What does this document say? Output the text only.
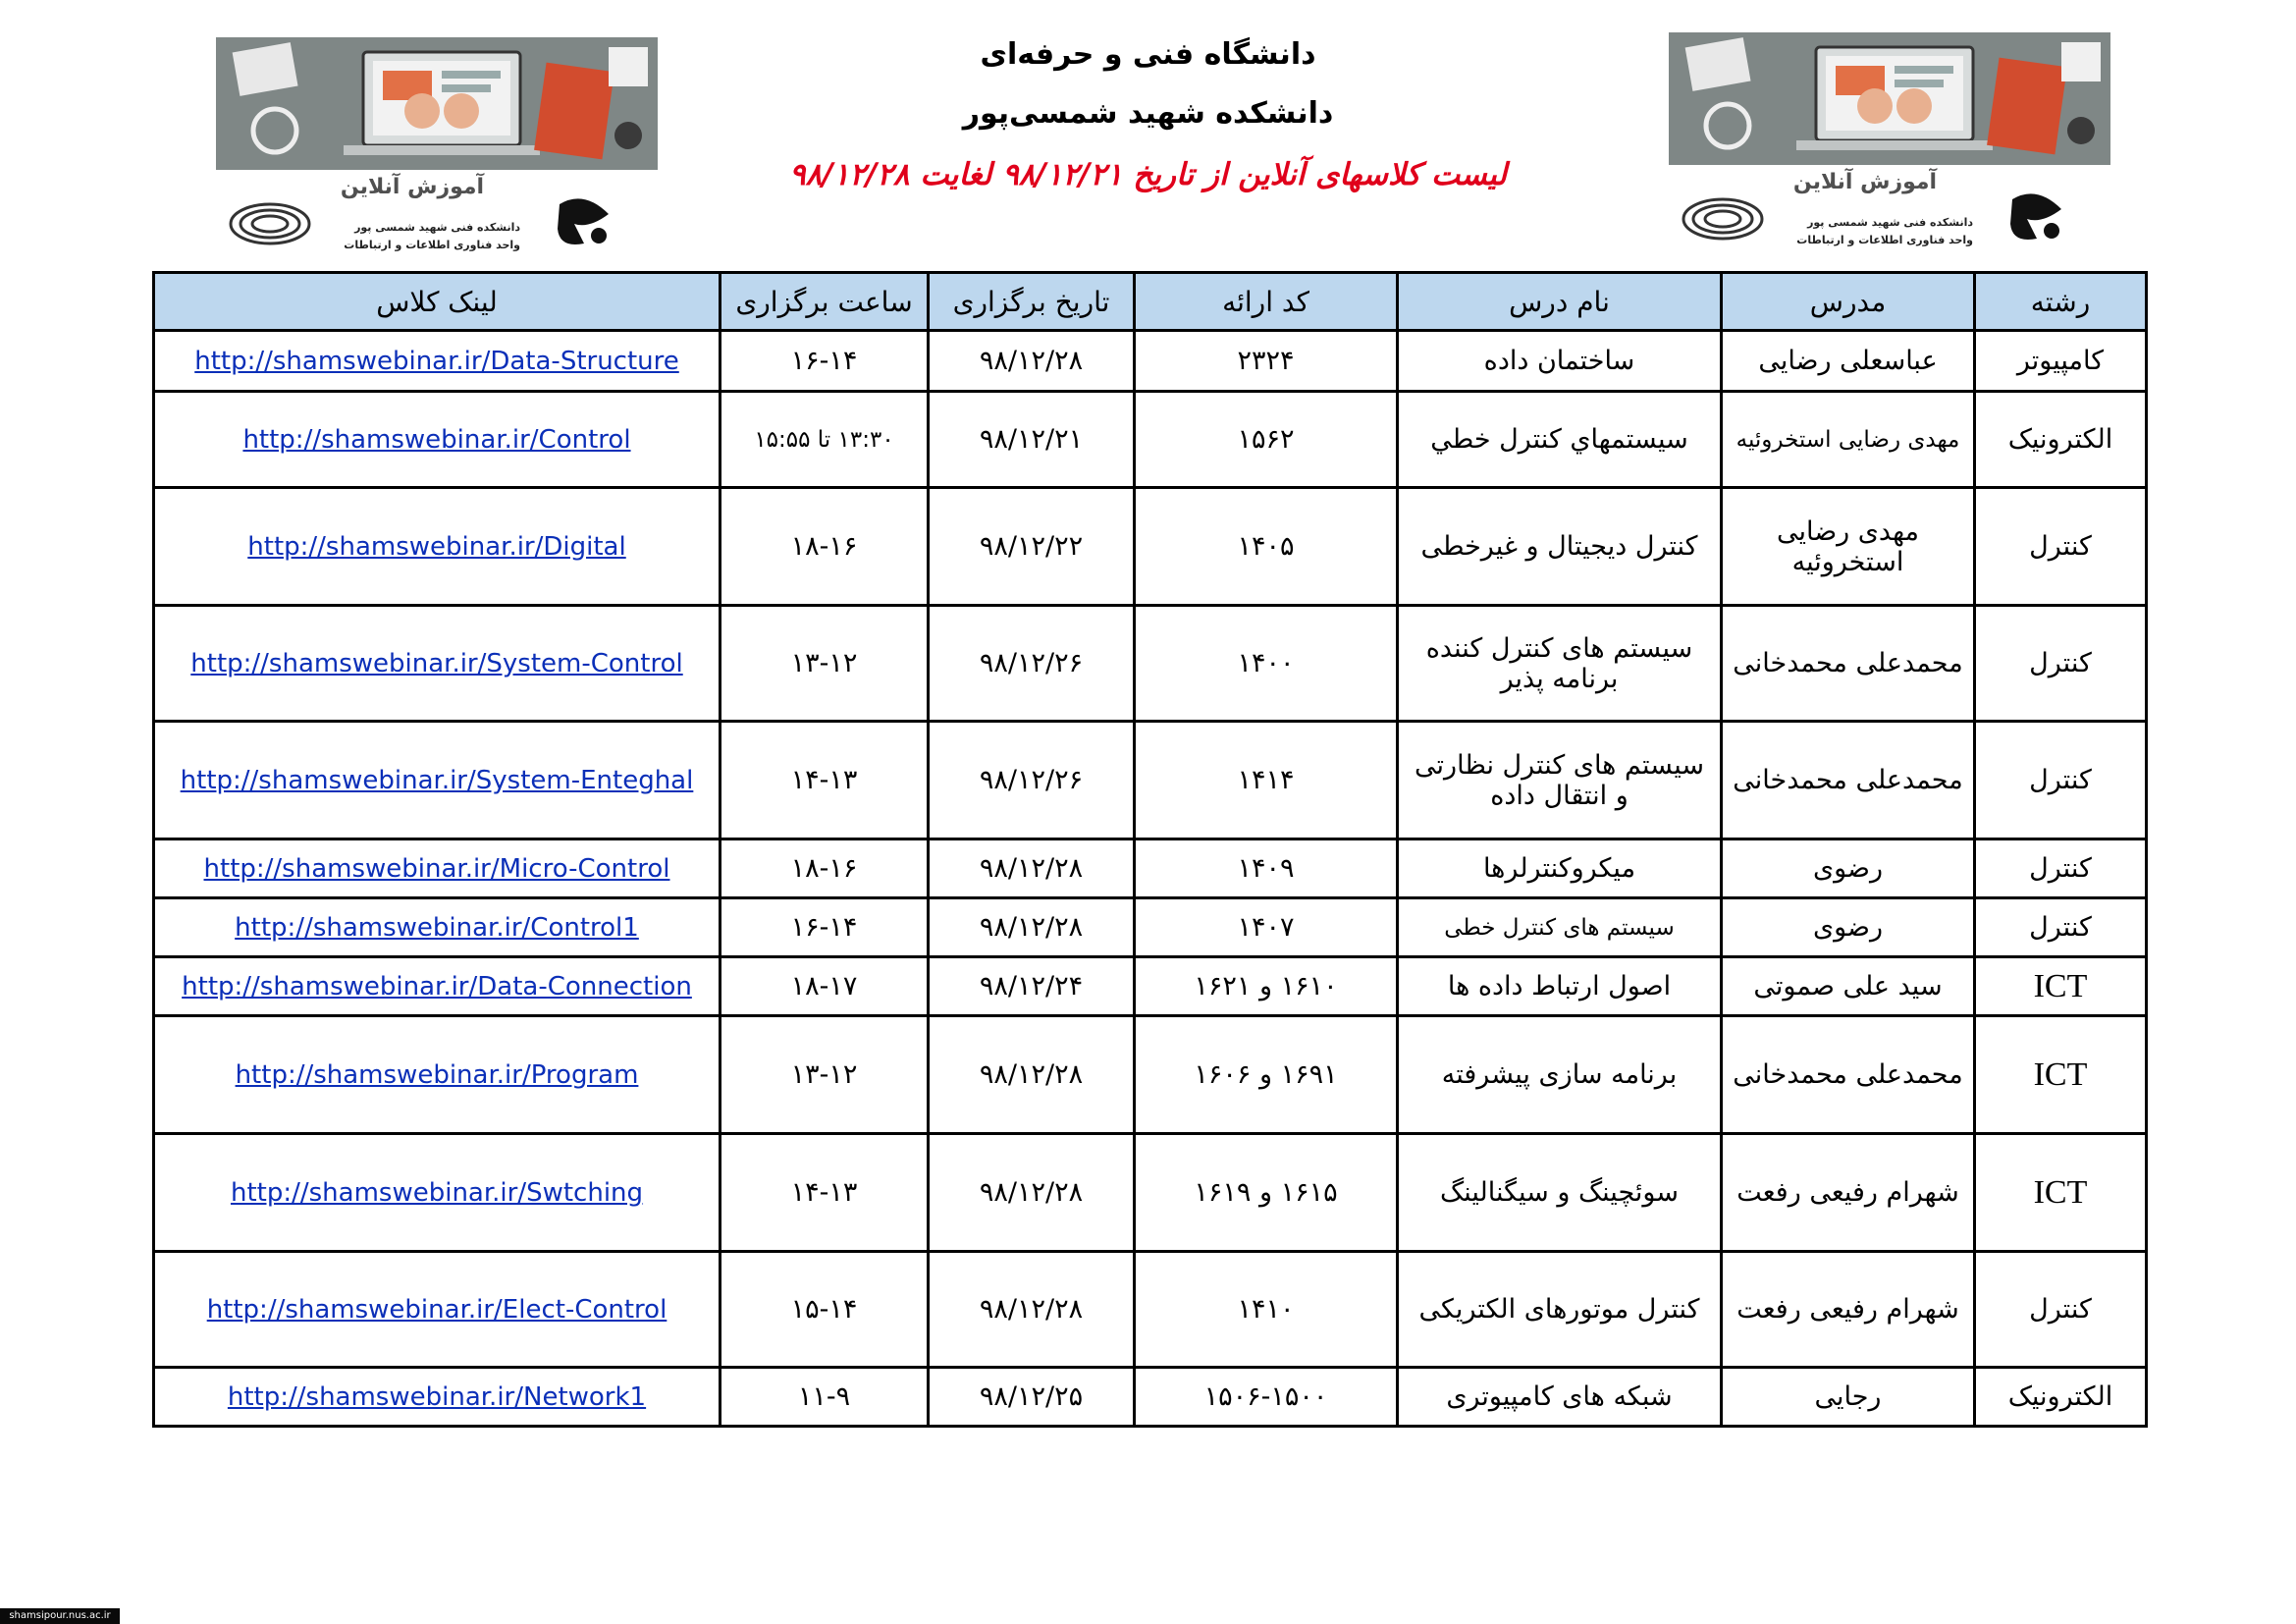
دانشگاه فنی و حرفه‌ای
دانشکده شهید شمسی‌پور
لیست کلاسهای آنلاین از تاریخ ۹۸/۱۲/۲۱ لغایت ۹۸/۱۲/۲۸
آموزش آنلاین
دانشکده فنی شهید شمسی پور
واحد فناوری اطلاعات و ارتباطات
آموزش آنلاین
دانشکده فنی شهید شمسی پور
واحد فناوری اطلاعات و ارتباطات
رشته	مدرس	نام درس	کد ارائه	تاریخ برگزاری	ساعت برگزاری	لینک کلاس
کامپیوتر	عباسعلی رضایی	ساختمان داده	۲۳۲۴	۹۸/۱۲/۲۸	۱۶-۱۴	http://shamswebinar.ir/Data-Structure
الکترونیک	مهدی رضایی استخروئیه	سيستمهاي كنترل خطي	۱۵۶۲	۹۸/۱۲/۲۱	۱۳:۳۰ تا ۱۵:۵۵	http://shamswebinar.ir/Control
کنترل	مهدی رضایی استخروئیه	کنترل دیجیتال و غیرخطی	۱۴۰۵	۹۸/۱۲/۲۲	۱۸-۱۶	http://shamswebinar.ir/Digital
کنترل	محمدعلی محمدخانی	سیستم های کنترل کننده برنامه پذیر	۱۴۰۰	۹۸/۱۲/۲۶	۱۳-۱۲	http://shamswebinar.ir/System-Control
کنترل	محمدعلی محمدخانی	سیستم های کنترل نظارتی و انتقال داده	۱۴۱۴	۹۸/۱۲/۲۶	۱۴-۱۳	http://shamswebinar.ir/System-Enteghal
کنترل	رضوی	میکروکنترلرها	۱۴۰۹	۹۸/۱۲/۲۸	۱۸-۱۶	http://shamswebinar.ir/Micro-Control
کنترل	رضوی	سیستم های کنترل خطی	۱۴۰۷	۹۸/۱۲/۲۸	۱۶-۱۴	http://shamswebinar.ir/Control1
ICT	سید علی صموتی	اصول ارتباط داده ها	۱۶۱۰ و ۱۶۲۱	۹۸/۱۲/۲۴	۱۸-۱۷	http://shamswebinar.ir/Data-Connection
ICT	محمدعلی محمدخانی	برنامه سازی پیشرفته	۱۶۹۱ و ۱۶۰۶	۹۸/۱۲/۲۸	۱۳-۱۲	http://shamswebinar.ir/Program
ICT	شهرام رفیعی رفعت	سوئچینگ و سیگنالینگ	۱۶۱۵ و ۱۶۱۹	۹۸/۱۲/۲۸	۱۴-۱۳	http://shamswebinar.ir/Swtching
کنترل	شهرام رفیعی رفعت	کنترل موتورهای الکتریکی	۱۴۱۰	۹۸/۱۲/۲۸	۱۵-۱۴	http://shamswebinar.ir/Elect-Control
الکترونیک	رجایی	شبکه های کامپیوتری	۱۵۰۶-۱۵۰۰	۹۸/۱۲/۲۵	۱۱-۹	http://shamswebinar.ir/Network1
shamsipour.nus.ac.ir
